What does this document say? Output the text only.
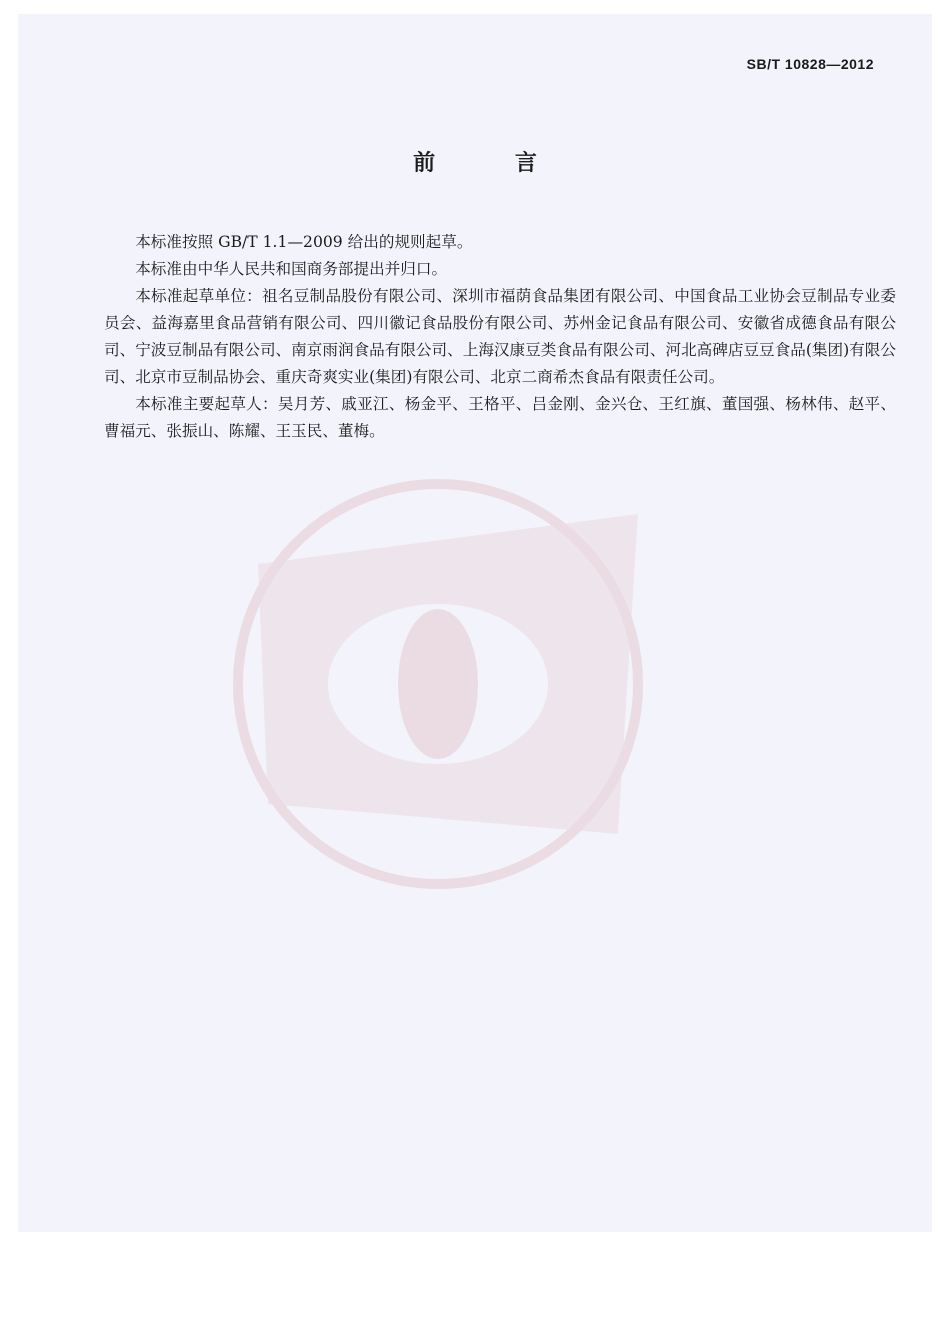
SB/T 10828—2012
前 言

本标准按照 GB/T 1.1—2009 给出的规则起草。

本标准由中华人民共和国商务部提出并归口。

本标准起草单位：祖名豆制品股份有限公司、深圳市福荫食品集团有限公司、中国食品工业协会豆制品专业委员会、益海嘉里食品营销有限公司、四川徽记食品股份有限公司、苏州金记食品有限公司、安徽省成德食品有限公司、宁波豆制品有限公司、南京雨润食品有限公司、上海汉康豆类食品有限公司、河北高碑店豆豆食品(集团)有限公司、北京市豆制品协会、重庆奇爽实业(集团)有限公司、北京二商希杰食品有限责任公司。

本标准主要起草人：吴月芳、戚亚江、杨金平、王格平、吕金刚、金兴仓、王红旗、董国强、杨林伟、赵平、曹福元、张振山、陈耀、王玉民、董梅。
